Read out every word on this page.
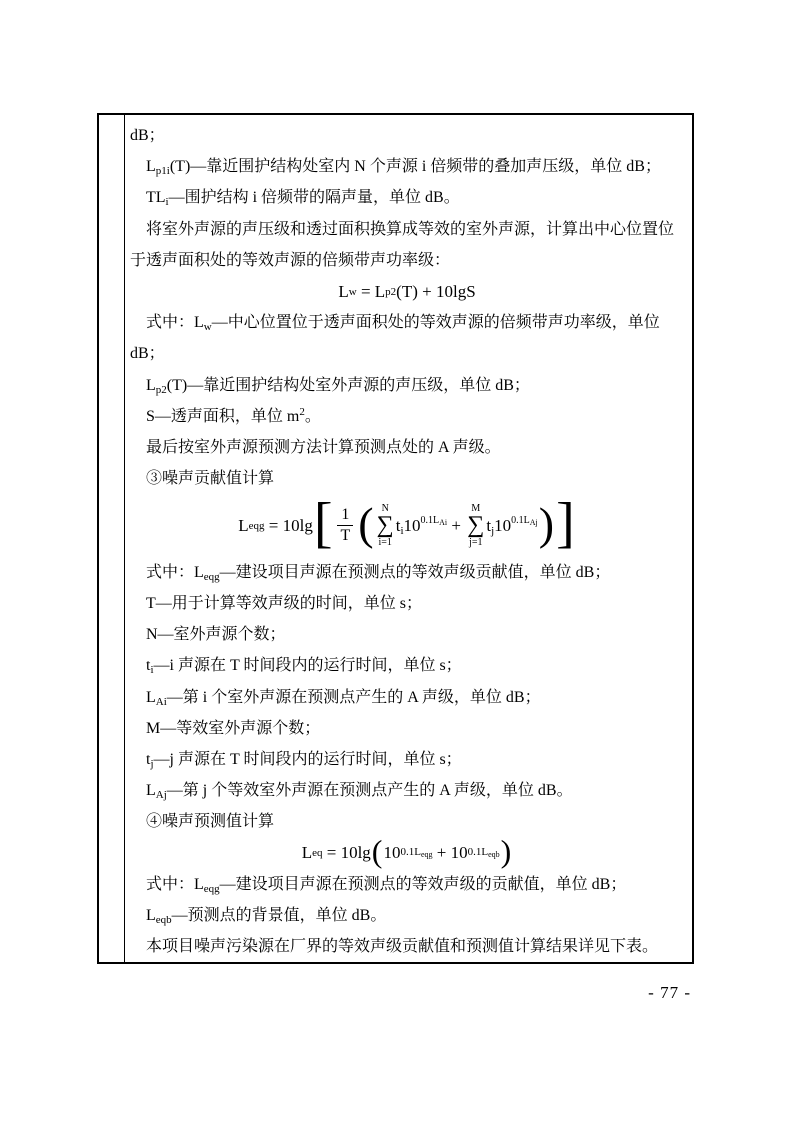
dB；

$L_{p1i}(T)—$靠近围护结构处室内 N 个声源 i 倍频带的叠加声压级，单位 dB；

$TL_i—$围护结构 i 倍频带的隔声量，单位 dB。

将室外声源的声压级和透过面积换算成等效的室外声源，计算出中心位置位

于透声面积处的等效声源的倍频带声功率级：

L w = L p2 (T) + 10lgS

式中：$L_w—$中心位置位于透声面积处的等效声源的倍频带声功率级，单位

dB；

$L_{p2}(T)—$靠近围护结构处室外声源的声压级，单位 dB；

S—透声面积，单位 $m^2$。

最后按室外声源预测方法计算预测点处的 A 声级。

③噪声贡献值计算

L eqg = 10lg [ $\frac{1}{T}$ ( N
∑
i=1
$t_i10^{0.1L_{Ai}}$ +
M
∑
j=1
$t_j10^{0.1L_{Aj}}$ ) ]

式中：$L_{eqg}—$建设项目声源在预测点的等效声级贡献值，单位 dB；

T—用于计算等效声级的时间，单位 s；

N—室外声源个数；

$t_i—i$ 声源在 T 时间段内的运行时间，单位 s；

$L_{Ai}—$第 i 个室外声源在预测点产生的 A 声级，单位 dB；

M—等效室外声源个数；

$t_j—j$ 声源在 T 时间段内的运行时间，单位 s；

$L_{Aj}—$第 j 个等效室外声源在预测点产生的 A 声级，单位 dB。

④噪声预测值计算

L eq = 10lg ( 10 $0.1L_{eqg} + 10$ $0.1L_{eqb}$ )

式中：$L_{eqg}—$建设项目声源在预测点的等效声级的贡献值，单位 dB；

$L_{eqb}—$预测点的背景值，单位 dB。

本项目噪声污染源在厂界的等效声级贡献值和预测值计算结果详见下表。

- 77 -
